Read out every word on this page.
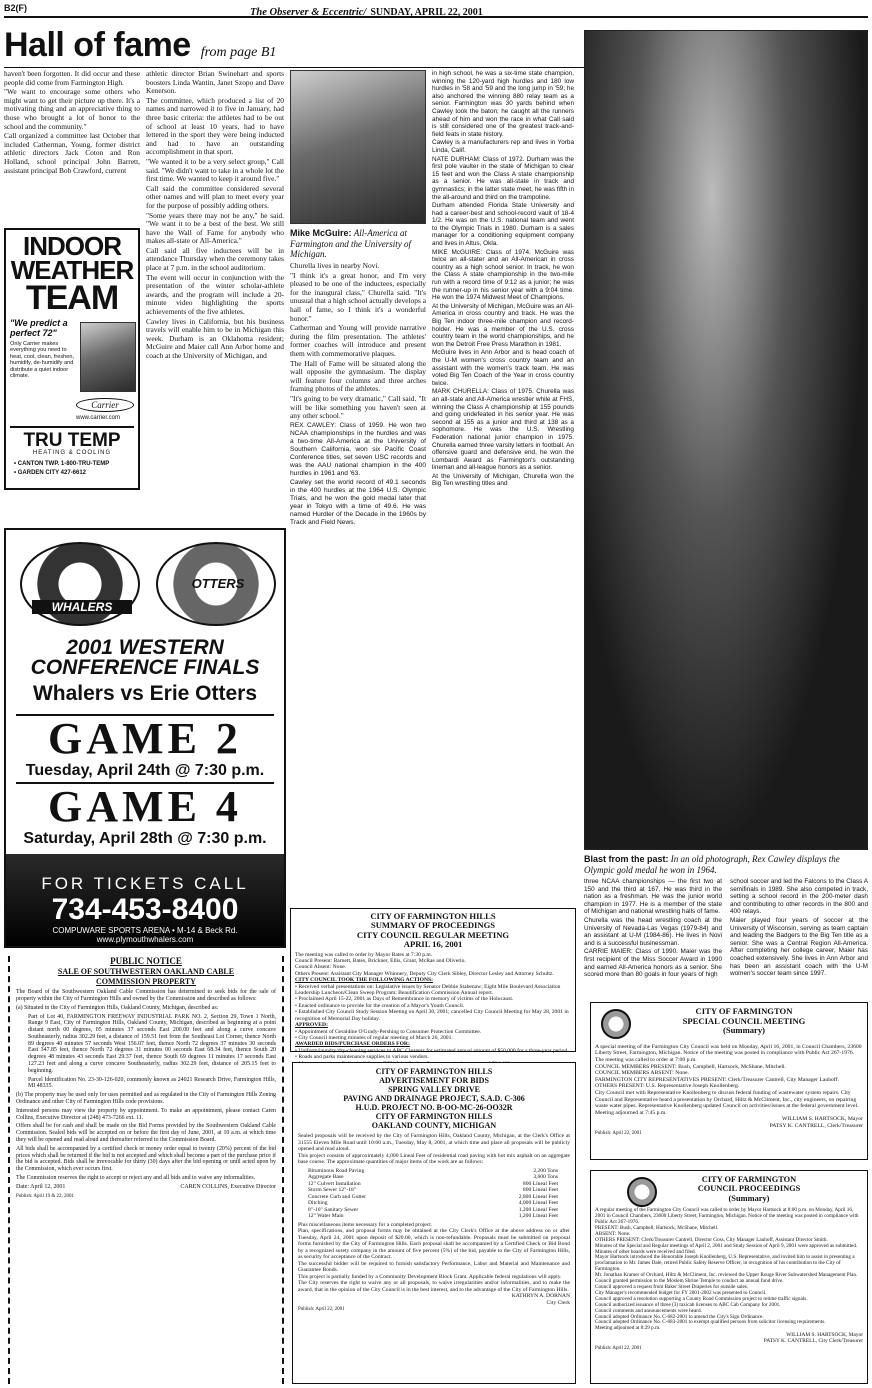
B2(F)	The Observer & Eccentric/ SUNDAY, APRIL 22, 2001
Hall of fame from page B1

haven't been forgotten. It did occur and these people did come from Farmington High.

"We want to encourage some others who might want to get their picture up there. It's a motivating thing and an appreciative thing to those who brought a lot of honor to the school and the community."

Call organized a committee last October that included Catherman, Young, former district athletic directors Jack Coton and Ron Holland, school principal John Barrett, assistant principal Bob Crawford, current

INDOOR
WEATHER
TEAM
"We predict a perfect 72"
Only Carrier makes everything you need to heat, cool, clean, freshen, humidify, de-humidify and distribute a quiet indoor climate.
Carrier
www.carrier.com
TRU TEMP
HEATING & COOLING
• CANTON TWP. 1-800-TRU-TEMP
• GARDEN CITY 427-6612

athletic director Brian Swinehart and sports boosters Linda Wantin, Janet Szopo and Dave Kenerson.

The committee, which produced a list of 20 names and narrowed it to five in January, had three basic criteria: the athletes had to be out of school at least 10 years, had to have lettered in the sport they were being inducted and had to have an outstanding accomplishment in that sport.

"We wanted it to be a very select group," Call said. "We didn't want to take in a whole lot the first time. We wanted to keep it around five."

Call said the committee considered several other names and will plan to meet every year for the purpose of possibly adding others.

"Some years there may not be any," he said. "We want it to be a best of the best. We still have the Wall of Fame for anybody who makes all-state or All-America."

Call said all five inductees will be in attendance Thursday when the ceremony takes place at 7 p.m. in the school auditorium.

The event will occur in conjunction with the presentation of the winter scholar-athlete awards, and the program will include a 20-minute video highlighting the sports achievements of the five athletes.

Cawley lives in California, but his business travels will enable him to be in Michigan this week. Durham is an Oklahoma resident; McGuire and Maier call Ann Arbor home and coach at the University of Michigan, and

Mike McGuire: All-America at Farmington and the University of Michigan.

Churella lives in nearby Novi.

"I think it's a great honor, and I'm very pleased to be one of the inductees, especially for the inaugural class," Churella said. "It's unusual that a high school actually develops a hall of fame, so I think it's a wonderful honor."

Catherman and Young will provide narrative during the film presentation. The athletes' former coaches will introduce and present them with commemorative plaques.

The Hall of Fame will be situated along the wall opposite the gymnasium. The display will feature four columns and three arches framing photos of the athletes.

"It's going to be very dramatic," Call said. "It will be like something you haven't seen at any other school."

REX CAWLEY: Class of 1959. He won two NCAA championships in the hurdles and was a two-time All-America at the University of Southern California, won six Pacific Coast Conference titles, set seven USC records and was the AAU national champion in the 400 hurdles in 1961 and '63.

Cawley set the world record of 49.1 seconds in the 400 hurdles at the 1964 U.S. Olympic Trials, and he won the gold medal later that year in Tokyo with a time of 49.6. He was named Hurdler of the Decade in the 1960s by Track and Field News.

in high school, he was a six-time state champion, winning the 120-yard high hurdles and 180 low hurdles in '58 and '59 and the long jump in '59; he also anchored the winning 880 relay team as a senior. Farmington was 30 yards behind when Cawley took the baton; he caught all the runners ahead of him and won the race in what Call said is still considered one of the greatest track-and-field feats in state history.

Cawley is a manufacturers rep and lives in Yorba Linda, Calif.

NATE DURHAM: Class of 1972. Durham was the first pole vaulter in the state of Michigan to clear 15 feet and won the Class A state championship as a senior. He was all-state in track and gymnastics; in the latter state meet, he was fifth in the all-around and third on the trampoline.

Durham attended Florida State University and had a career-best and school-record vault of 18-4 1/2. He was on the U.S. national team and went to the Olympic Trials in 1980. Durham is a sales manager for a conditioning equipment company and lives in Altus, Okla.

MIKE McGUIRE: Class of 1974. McGuire was twice an all-stater and an All-American in cross country as a high school senior. In track, he won the Class A state championship in the two-mile run with a record time of 9:12 as a junior; he was the runner-up in his senior year with a 9:04 time. He won the 1974 Midwest Meet of Champions.

At the University of Michigan, McGuire was an All-America in cross country and track. He was the Big Ten indoor three-mile champion and record-holder. He was a member of the U.S. cross country team in the world championships, and he won the Detroit Free Press Marathon in 1981.

McGuire lives in Ann Arbor and is head coach of the U-M women's cross country team and an assistant with the women's track team. He was voted Big Ten Coach of the Year in cross country twice.

MARK CHURELLA: Class of 1975. Churella was an all-state and All-America wrestler while at FHS, winning the Class A championship at 155 pounds and going undefeated in his senior year. He was second at 155 as a junior and third at 138 as a sophomore. He was the U.S. Wrestling Federation national junior champion in 1975. Churella earned three varsity letters in football. An offensive guard and defensive end, he won the Lombardi Award as Farmington's outstanding lineman and all-league honors as a senior.

At the University of Michigan, Churella won the Big Ten wrestling titles and

Blast from the past: In an old photograph, Rex Cawley displays the Olympic gold medal he won in 1964.

three NCAA championships — the first two at 150 and the third at 167. He was third in the nation as a freshman. He was the junior world champion in 1977. He is a member of the state of Michigan and national wrestling halls of fame.

Churella was the head wrestling coach at the University of Nevada-Las Vegas (1979-84) and an assistant at U-M (1984-86). He lives in Novi and is a successful businessman.

CARRIE MAIER: Class of 1990. Maier was the first recipient of the Miss Soccer Award in 1990 and earned All-America honors as a senior. She scored more than 80 goals in four years of high

school soccer and led the Falcons to the Class A semifinals in 1989. She also competed in track, setting a school record in the 200-meter dash and contributing to other records in the 800 and 400 relays.

Maier played four years of soccer at the University of Wisconsin, serving as team captain and leading the Badgers to the Big Ten title as a senior. She was a Central Region All-America. After completing her college career, Maier has coached extensively. She lives in Ann Arbor and has been an assistant coach with the U-M women's soccer team since 1997.

WHALERS
OTTERS
2001 WESTERN
CONFERENCE FINALS
Whalers vs Erie Otters
GAME 2
Tuesday, April 24th @ 7:30 p.m.
GAME 4
Saturday, April 28th @ 7:30 p.m.
FOR TICKETS CALL
734-453-8400
COMPUWARE SPORTS ARENA • M-14 & Beck Rd.
www.plymouthwhalers.com
CITY OF FARMINGTON HILLS
SUMMARY OF PROCEEDINGS
CITY COUNCIL REGULAR MEETING
APRIL 16, 2001
The meeting was called to order by Mayor Bates at 7:30 p.m.
Council Present: Barnett, Bates, Brickner, Ellis, Grant, McRae and Oliverio.
Council Absent: None.
Others Present: Assistant City Manager Whinnery, Deputy City Clerk Sibley, Director Lesley and Attorney Schultz.
CITY COUNCIL TOOK THE FOLLOWING ACTIONS:
• Received verbal presentations on: Legislative issues by Senator Debbie Stabenaw; Eight Mile Boulevard Association Leadership Luncheon/Clean Sweep Program; Beautification Commission Annual report.
• Proclaimed April 15-22, 2001 as Days of Remembrance in memory of victims of the Holocaust.
• Enacted ordinance to provide for the creation of a Mayor's Youth Council.
• Established City Council Study Session Meeting on April 30, 2001; cancelled City Council Meeting for May 28, 2001 in recognition of Memorial Day holiday.
APPROVED:
• Appointment of Geraldine O'Grady-Pershing to Consumer Protection Committee.
• City Council meeting minutes of regular meeting of March 26, 2001.
AWARDED BIDS/PURCHASE ORDERS FOR:
• Uniform/laundry/dry-cleaning services to ABC Cleaners for estimated annual amount of $50,000 for a three-year period.
• Roads and parks maintenance supplies to various vendors.
CITY OF FARMINGTON
SPECIAL COUNCIL MEETING
(Summary)
A special meeting of the Farmington City Council was held on Monday, April 16, 2001, in Council Chambers, 23600 Liberty Street, Farmington, Michigan. Notice of the meeting was posted in compliance with Public Act 267-1976.
The meeting was called to order at 7:00 p.m.
COUNCIL MEMBERS PRESENT: Bush, Campbell, Hartsock, McShane, Mitchell.
COUNCIL MEMBERS ABSENT: None.
FARMINGTON CITY REPRESENTATIVES PRESENT: Clerk/Treasurer Cantrell, City Manager Lauhoff.
OTHERS PRESENT: U.S. Representative Joseph Knollenberg.
City Council met with Representative Knollenberg to discuss federal funding of wastewater system repairs. City Council and Representative heard a presentation by Orchard, Hiltz & McCliment, Inc., city engineers, on repairing waste water pipes. Representative Knollenberg updated Council on activities/issues at the federal government level.
Meeting adjourned at 7:45 p.m.
WILLIAM S. HARTSOCK, Mayor
PATSY K. CANTRELL, Clerk/Treasurer
Publish: April 22, 2001
PUBLIC NOTICE
SALE OF SOUTHWESTERN OAKLAND CABLE
COMMISSION PROPERTY
The Board of the Southwestern Oakland Cable Commission has determined to seek bids for the sale of property within the City of Farmington Hills and owned by the Commission and described as follows:
(a) Situated in the City of Farmington Hills, Oakland County, Michigan, described as:
Part of Lot 40, FARMINGTON FREEWAY INDUSTRIAL PARK NO. 2, Section 29, Town 1 North, Range 9 East, City of Farmington Hills, Oakland County, Michigan, described as beginning at a point distant north 00 degrees, 05 minutes 37 seconds East 200.00 feet and along a curve concave Southeasterly, radius 302.29 feet, a distance of 159.51 feet from the Southeast Lot Corner, thence North 89 degrees 40 minutes 57 seconds West 156.07 feet, thence North 72 degrees 37 minutes 30 seconds East 347.85 feet, thence North 72 degrees 31 minutes 00 seconds East 68.34 feet, thence South 20 degrees 48 minutes 43 seconds East 29.37 feet, thence South 69 degrees 11 minutes 17 seconds East 127.23 feet and along a curve concave Southeasterly, radius 302.29 feet, distance of 205.15 feet to beginning.
Parcel Identification No. 23-30-126-020, commonly known as 24021 Research Drive, Farmington Hills, MI 48335.
(b) The property may be used only for uses permitted and as regulated in the City of Farmington Hills Zoning Ordinance and other City of Farmington Hills code provisions.
Interested persons may view the property by appointment. To make an appointment, please contact Caren Collins, Executive Director at (248) 473-7266 ext. 11.
Offers shall be for cash and shall be made on the Bid Forms provided by the Southwestern Oakland Cable Commission. Sealed bids will be accepted on or before the first day of June, 2001, at 10 a.m. at which time they will be opened and read aloud and thereafter referred to the Commission Board.
All bids shall be accompanied by a certified check or money order equal to twenty (20%) percent of the bid prices which shall be returned if the bid is not accepted and which shall become a part of the purchase price if the bid is accepted. Bids shall be irrevocable for thirty (30) days after the bid opening or until acted upon by the Commission, which ever occurs first.
The Commission reserves the right to accept or reject any and all bids and to waive any informalities.
Date: April 12, 2001	CAREN COLLINS, Executive Director
Publish: April 19 & 22, 2001
CITY OF FARMINGTON HILLS
ADVERTISEMENT FOR BIDS
SPRING VALLEY DRIVE
PAVING AND DRAINAGE PROJECT, S.A.D. C-306
H.U.D. PROJECT NO. B-OO-MC-26-OO32R
CITY OF FARMINGTON HILLS
OAKLAND COUNTY, MICHIGAN

Sealed proposals will be received by the City of Farmington Hills, Oakland County, Michigan, at the Clerk's Office at 31555 Eleven Mile Road until 10:00 a.m., Tuesday, May 8, 2001, at which time and place all proposals will be publicly opened and read aloud.

This project consists of approximately 4,000 Lineal Feet of residential road paving with hot mix asphalt on an aggregate base course. The approximate quantities of major items of the work are as follows:

Bituminous Road Paving	2,200 Tons
Aggregate Base	3,600 Tons
12" Culvert Installation	800 Lineal Feet
Storm Sewer 12"-18"	800 Lineal Feet
Concrete Curb and Gutter	2,800 Lineal Feet
Ditching	4,000 Lineal Feet
8"-10" Sanitary Sewer	1,200 Lineal Feet
12" Water Main	1,200 Lineal Feet

Plus miscellaneous items necessary for a completed project.

Plan, specifications, and proposal forms may be obtained at the City Clerk's Office at the above address on or after Tuesday, April 24, 2001 upon deposit of $20.00, which is non-refundable. Proposals must be submitted on proposal forms furnished by the City of Farmington Hills. Each proposal shall be accompanied by a Certified Check or Bid Bond by a recognized surety company in the amount of five percent (5%) of the bid, payable to the City of Farmington Hills, as security for acceptance of the Contract.

The successful bidder will be required to furnish satisfactory Performance, Labor and Material and Maintenance and Guarantee Bonds.

This project is partially funded by a Community Development Block Grant. Applicable federal regulations will apply.

The City reserves the right to waive any or all proposals, to waive irregularities and/or informalities, and to make the award, that in the opinion of the City Council is in the best interest, and to the advantage of the City of Farmington Hills.

KATHRYN A. DORNAN
City Clerk
Publish: April 22, 2001
CITY OF FARMINGTON
COUNCIL PROCEEDINGS
(Summary)
A regular meeting of the Farmington City Council was called to order by Mayor Hartsock at 8:00 p.m. on Monday, April 16, 2001 in Council Chambers, 23600 Liberty Street, Farmington, Michigan. Notice of the meeting was posted in compliance with Public Act 267-1976.
PRESENT: Bush, Campbell, Hartsock, McShane, Mitchell.
ABSENT: None.
OTHERS PRESENT: Clerk/Treasurer Cantrell, Director Goss, City Manager Lauhoff, Assistant Director Smith.
Minutes of the Special and Regular meetings of April 2, 2001 and Study Session of April 9, 2001 were approved as submitted.
Minutes of other boards were received and filed.
Mayor Hartsock introduced the Honorable Joseph Knollenberg, U.S. Representative, and invited him to assist in presenting a proclamation to Mr. James Dale, retired Public Safety Reserve Officer, in recognition of his contribution to the City of Farmington.
Mr. Jonathan Kramer of Orchard, Hiltz & McCliment, Inc. reviewed the Upper Rouge River Subwatershed Management Plan.
Council granted permission to the Moslem Shrine Temple to conduct an annual fund drive.
Council approved a request from Baker Street Draperies for outside sales.
City Manager's recommended budget for FY 2001-2002 was presented to Council.
Council approved a resolution supporting a County Road Commission project to retime traffic signals.
Council authorized issuance of three (3) taxicab licenses to ABC Cab Company for 2001.
Council comments and announcements were heard.
Council adopted Ordinance No. C-682-2001 to amend the City's Sign Ordinance.
Council adopted Ordinance No. C-683-2001 to exempt qualified persons from solicitor licensing requirements.
Meeting adjourned at 8:29 p.m.
WILLIAM S. HARTSOCK, Mayor
PATSY K. CANTRELL, City Clerk/Treasurer
Publish: April 22, 2001
